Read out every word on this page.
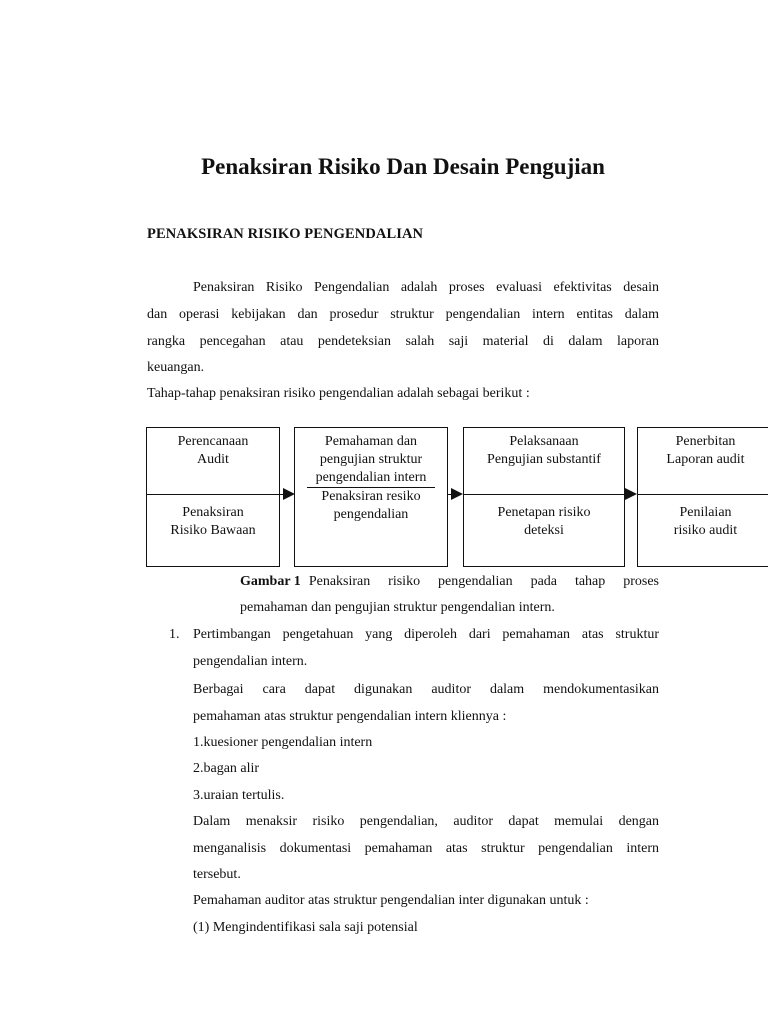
Penaksiran Risiko Dan Desain Pengujian
PENAKSIRAN RISIKO PENGENDALIAN
Penaksiran Risiko Pengendalian adalah proses evaluasi efektivitas desain
dan operasi kebijakan dan prosedur struktur pengendalian intern entitas dalam
rangka pencegahan atau pendeteksian salah saji material di dalam laporan
keuangan.
Tahap-tahap penaksiran risiko pengendalian adalah sebagai berikut :
Perencanaan
Audit
Penaksiran
Risiko Bawaan
Pemahaman dan
pengujian struktur
pengendalian intern
Penaksiran resiko
pengendalian
Pelaksanaan
Pengujian substantif
Penetapan risiko
deteksi
Penerbitan
Laporan audit
Penilaian
risiko audit
Gambar 1 Penaksiran risiko pengendalian pada tahap proses
pemahaman dan pengujian struktur pengendalian intern.
1. Pertimbangan pengetahuan yang diperoleh dari pemahaman atas struktur
pengendalian intern.
Berbagai cara dapat digunakan auditor dalam mendokumentasikan
pemahaman atas struktur pengendalian intern kliennya :
1.kuesioner pengendalian intern
2.bagan alir
3.uraian tertulis.
Dalam menaksir risiko pengendalian, auditor dapat memulai dengan
menganalisis dokumentasi pemahaman atas struktur pengendalian intern
tersebut.
Pemahaman auditor atas struktur pengendalian inter digunakan untuk :
(1) Mengindentifikasi sala saji potensial
